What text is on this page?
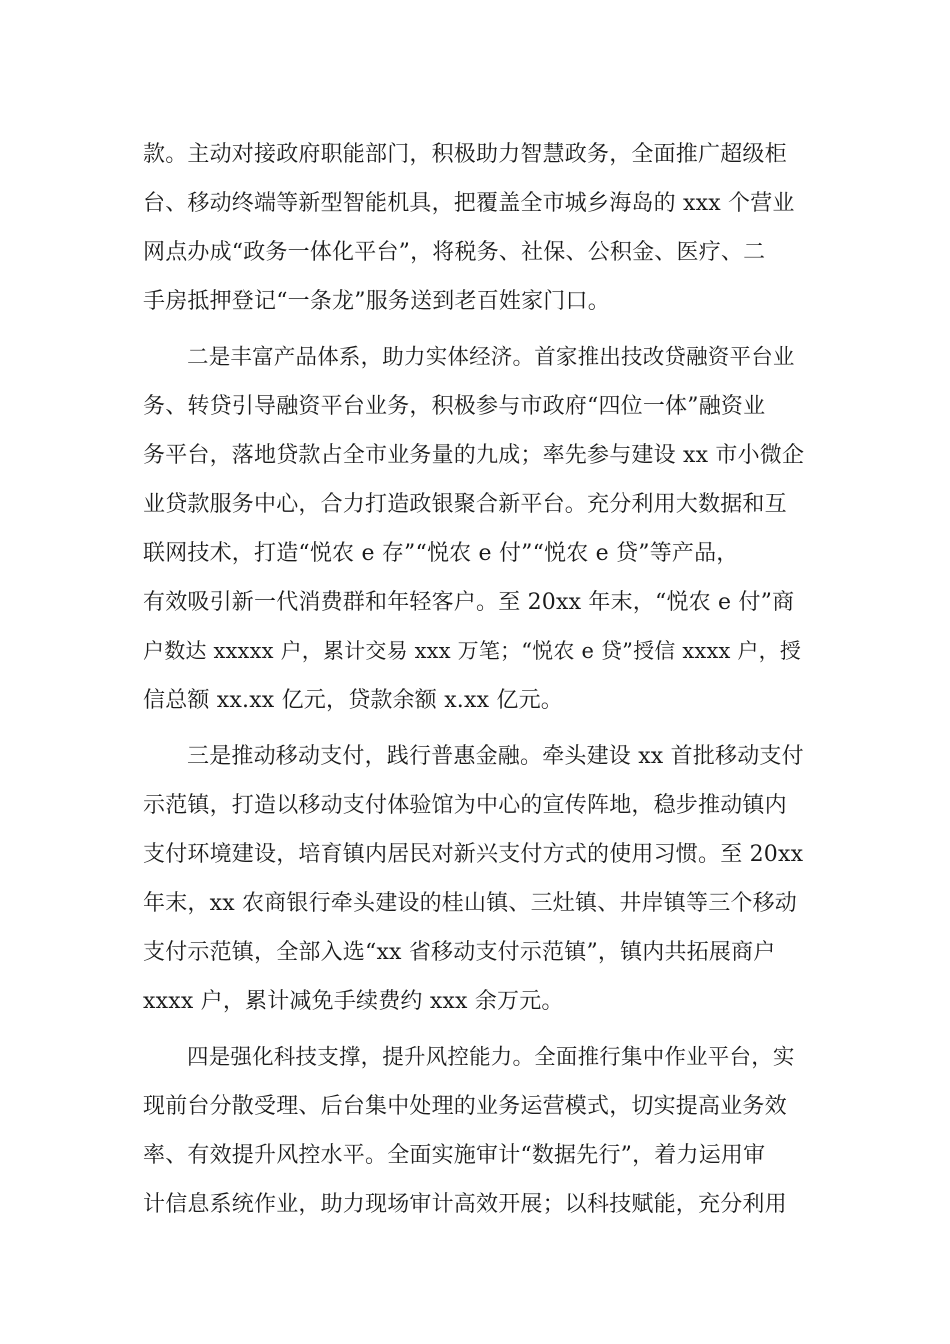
款。主动对接政府职能部门，积极助力智慧政务，全面推广超级柜
台、移动终端等新型智能机具，把覆盖全市城乡海岛的 xxx 个营业
网点办成“政务一体化平台”，将税务、社保、公积金、医疗、二
手房抵押登记“一条龙”服务送到老百姓家门口。
二是丰富产品体系，助力实体经济。首家推出技改贷融资平台业
务、转贷引导融资平台业务，积极参与市政府“四位一体”融资业
务平台，落地贷款占全市业务量的九成；率先参与建设 xx 市小微企
业贷款服务中心，合力打造政银聚合新平台。充分利用大数据和互
联网技术，打造“悦农 e 存”“悦农 e 付”“悦农 e 贷”等产品，
有效吸引新一代消费群和年轻客户。至 20xx 年末，“悦农 e 付”商
户数达 xxxxx 户，累计交易 xxx 万笔；“悦农 e 贷”授信 xxxx 户，授
信总额 xx.xx 亿元，贷款余额 x.xx 亿元。
三是推动移动支付，践行普惠金融。牵头建设 xx 首批移动支付
示范镇，打造以移动支付体验馆为中心的宣传阵地，稳步推动镇内
支付环境建设，培育镇内居民对新兴支付方式的使用习惯。至 20xx
年末，xx 农商银行牵头建设的桂山镇、三灶镇、井岸镇等三个移动
支付示范镇，全部入选“xx 省移动支付示范镇”，镇内共拓展商户
xxxx 户，累计减免手续费约 xxx 余万元。
四是强化科技支撑，提升风控能力。全面推行集中作业平台，实
现前台分散受理、后台集中处理的业务运营模式，切实提高业务效
率、有效提升风控水平。全面实施审计“数据先行”，着力运用审
计信息系统作业，助力现场审计高效开展；以科技赋能，充分利用
